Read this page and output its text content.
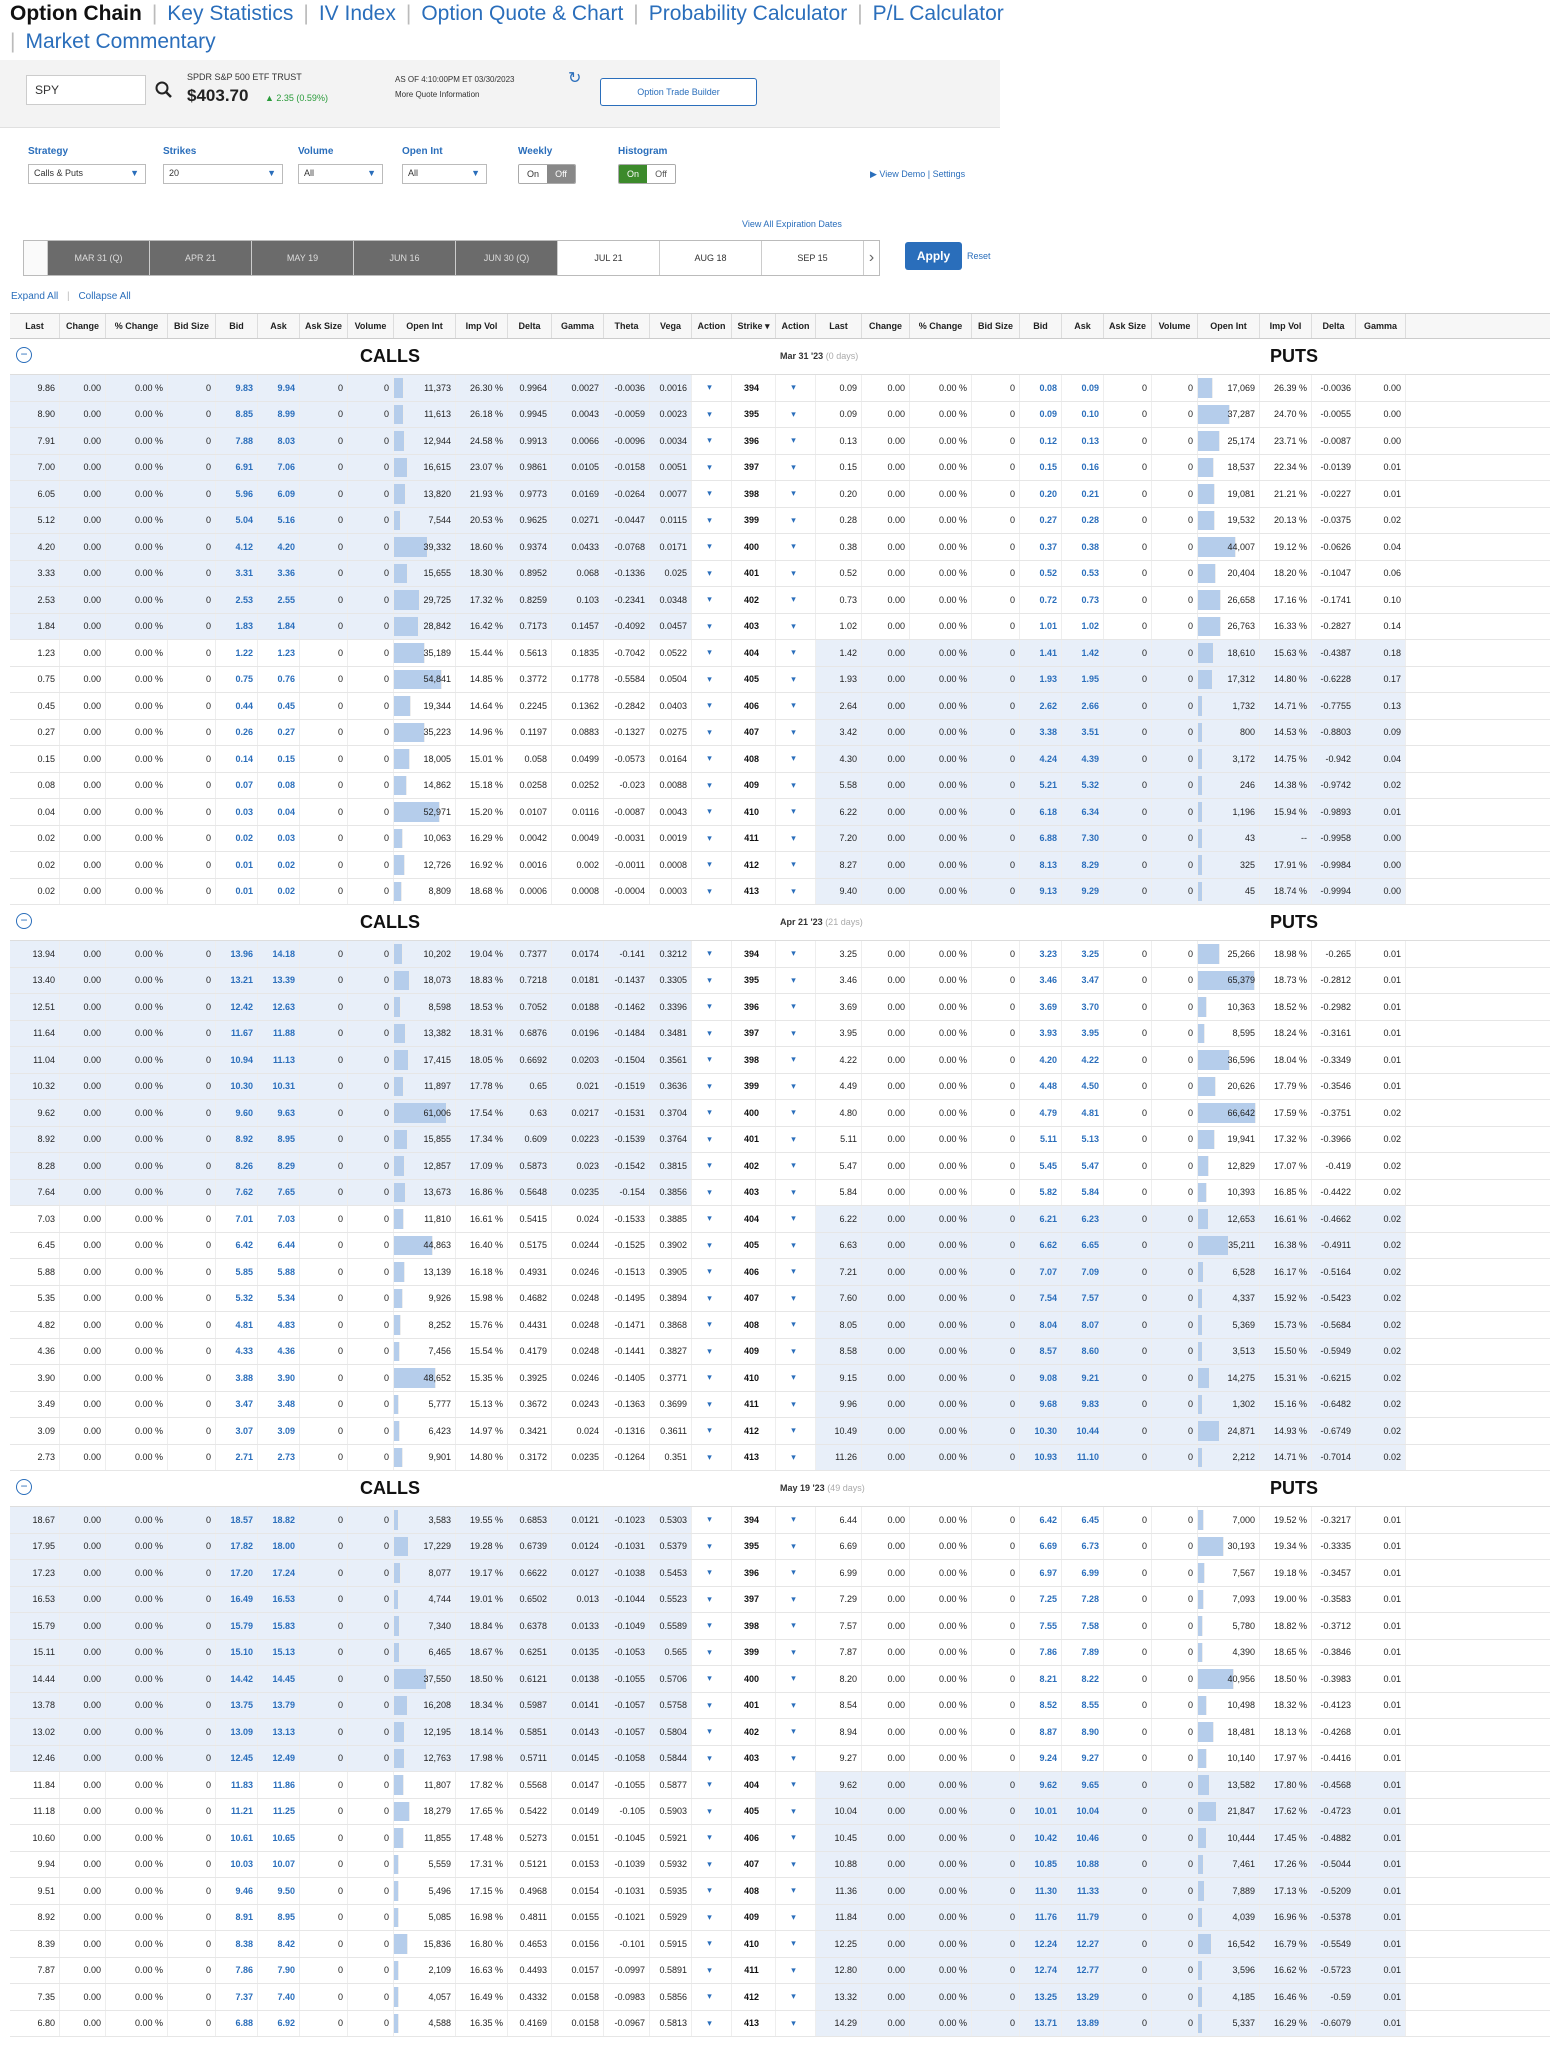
Option Chain | Key Statistics | IV Index | Option Quote & Chart | Probability Calculator | P/L Calculator
| Market Commentary
SPY
SPDR S&P 500 ETF TRUST
$403.70 ▲ 2.35 (0.59%)
AS OF 4:10:00PM ET 03/30/2023	↻
More Quote Information	Option Trade Builder
Strategy
Calls & Puts	▼
Strikes
20	▼
Volume
All	▼
Open Int
All	▼
Weekly
On	Off
Histogram
On	Off	▶︎ View Demo | Settings
View All Expiration Dates
MAR 31 (Q)	APR 21	MAY 19	JUN 16	JUN 30 (Q)	JUL 21	AUG 18	SEP 15	›	Apply	Reset
Expand All | Collapse All
Last	Change	% Change	Bid Size	Bid	Ask	Ask Size	Volume	Open Int	Imp Vol	Delta	Gamma	Theta	Vega	Action	Strike ▾	Action	Last	Change	% Change	Bid Size	Bid	Ask	Ask Size	Volume	Open Int	Imp Vol	Delta	Gamma
−	CALLS	Mar 31 '23 (0 days)	PUTS
9.86	0.00	0.00 %	0	9.83	9.94	0	0	11,373	26.30 %	0.9964	0.0027	-0.0036	0.0016	▾	394	▾	0.09	0.00	0.00 %	0	0.08	0.09	0	0	17,069	26.39 %	-0.0036	0.00
8.90	0.00	0.00 %	0	8.85	8.99	0	0	11,613	26.18 %	0.9945	0.0043	-0.0059	0.0023	▾	395	▾	0.09	0.00	0.00 %	0	0.09	0.10	0	0	37,287	24.70 %	-0.0055	0.00
7.91	0.00	0.00 %	0	7.88	8.03	0	0	12,944	24.58 %	0.9913	0.0066	-0.0096	0.0034	▾	396	▾	0.13	0.00	0.00 %	0	0.12	0.13	0	0	25,174	23.71 %	-0.0087	0.00
7.00	0.00	0.00 %	0	6.91	7.06	0	0	16,615	23.07 %	0.9861	0.0105	-0.0158	0.0051	▾	397	▾	0.15	0.00	0.00 %	0	0.15	0.16	0	0	18,537	22.34 %	-0.0139	0.01
6.05	0.00	0.00 %	0	5.96	6.09	0	0	13,820	21.93 %	0.9773	0.0169	-0.0264	0.0077	▾	398	▾	0.20	0.00	0.00 %	0	0.20	0.21	0	0	19,081	21.21 %	-0.0227	0.01
5.12	0.00	0.00 %	0	5.04	5.16	0	0	7,544	20.53 %	0.9625	0.0271	-0.0447	0.0115	▾	399	▾	0.28	0.00	0.00 %	0	0.27	0.28	0	0	19,532	20.13 %	-0.0375	0.02
4.20	0.00	0.00 %	0	4.12	4.20	0	0	39,332	18.60 %	0.9374	0.0433	-0.0768	0.0171	▾	400	▾	0.38	0.00	0.00 %	0	0.37	0.38	0	0	44,007	19.12 %	-0.0626	0.04
3.33	0.00	0.00 %	0	3.31	3.36	0	0	15,655	18.30 %	0.8952	0.068	-0.1336	0.025	▾	401	▾	0.52	0.00	0.00 %	0	0.52	0.53	0	0	20,404	18.20 %	-0.1047	0.06
2.53	0.00	0.00 %	0	2.53	2.55	0	0	29,725	17.32 %	0.8259	0.103	-0.2341	0.0348	▾	402	▾	0.73	0.00	0.00 %	0	0.72	0.73	0	0	26,658	17.16 %	-0.1741	0.10
1.84	0.00	0.00 %	0	1.83	1.84	0	0	28,842	16.42 %	0.7173	0.1457	-0.4092	0.0457	▾	403	▾	1.02	0.00	0.00 %	0	1.01	1.02	0	0	26,763	16.33 %	-0.2827	0.14
1.23	0.00	0.00 %	0	1.22	1.23	0	0	35,189	15.44 %	0.5613	0.1835	-0.7042	0.0522	▾	404	▾	1.42	0.00	0.00 %	0	1.41	1.42	0	0	18,610	15.63 %	-0.4387	0.18
0.75	0.00	0.00 %	0	0.75	0.76	0	0	54,841	14.85 %	0.3772	0.1778	-0.5584	0.0504	▾	405	▾	1.93	0.00	0.00 %	0	1.93	1.95	0	0	17,312	14.80 %	-0.6228	0.17
0.45	0.00	0.00 %	0	0.44	0.45	0	0	19,344	14.64 %	0.2245	0.1362	-0.2842	0.0403	▾	406	▾	2.64	0.00	0.00 %	0	2.62	2.66	0	0	1,732	14.71 %	-0.7755	0.13
0.27	0.00	0.00 %	0	0.26	0.27	0	0	35,223	14.96 %	0.1197	0.0883	-0.1327	0.0275	▾	407	▾	3.42	0.00	0.00 %	0	3.38	3.51	0	0	800	14.53 %	-0.8803	0.09
0.15	0.00	0.00 %	0	0.14	0.15	0	0	18,005	15.01 %	0.058	0.0499	-0.0573	0.0164	▾	408	▾	4.30	0.00	0.00 %	0	4.24	4.39	0	0	3,172	14.75 %	-0.942	0.04
0.08	0.00	0.00 %	0	0.07	0.08	0	0	14,862	15.18 %	0.0258	0.0252	-0.023	0.0088	▾	409	▾	5.58	0.00	0.00 %	0	5.21	5.32	0	0	246	14.38 %	-0.9742	0.02
0.04	0.00	0.00 %	0	0.03	0.04	0	0	52,971	15.20 %	0.0107	0.0116	-0.0087	0.0043	▾	410	▾	6.22	0.00	0.00 %	0	6.18	6.34	0	0	1,196	15.94 %	-0.9893	0.01
0.02	0.00	0.00 %	0	0.02	0.03	0	0	10,063	16.29 %	0.0042	0.0049	-0.0031	0.0019	▾	411	▾	7.20	0.00	0.00 %	0	6.88	7.30	0	0	43	--	-0.9958	0.00
0.02	0.00	0.00 %	0	0.01	0.02	0	0	12,726	16.92 %	0.0016	0.002	-0.0011	0.0008	▾	412	▾	8.27	0.00	0.00 %	0	8.13	8.29	0	0	325	17.91 %	-0.9984	0.00
0.02	0.00	0.00 %	0	0.01	0.02	0	0	8,809	18.68 %	0.0006	0.0008	-0.0004	0.0003	▾	413	▾	9.40	0.00	0.00 %	0	9.13	9.29	0	0	45	18.74 %	-0.9994	0.00
−	CALLS	Apr 21 '23 (21 days)	PUTS
13.94	0.00	0.00 %	0	13.96	14.18	0	0	10,202	19.04 %	0.7377	0.0174	-0.141	0.3212	▾	394	▾	3.25	0.00	0.00 %	0	3.23	3.25	0	0	25,266	18.98 %	-0.265	0.01
13.40	0.00	0.00 %	0	13.21	13.39	0	0	18,073	18.83 %	0.7218	0.0181	-0.1437	0.3305	▾	395	▾	3.46	0.00	0.00 %	0	3.46	3.47	0	0	65,379	18.73 %	-0.2812	0.01
12.51	0.00	0.00 %	0	12.42	12.63	0	0	8,598	18.53 %	0.7052	0.0188	-0.1462	0.3396	▾	396	▾	3.69	0.00	0.00 %	0	3.69	3.70	0	0	10,363	18.52 %	-0.2982	0.01
11.64	0.00	0.00 %	0	11.67	11.88	0	0	13,382	18.31 %	0.6876	0.0196	-0.1484	0.3481	▾	397	▾	3.95	0.00	0.00 %	0	3.93	3.95	0	0	8,595	18.24 %	-0.3161	0.01
11.04	0.00	0.00 %	0	10.94	11.13	0	0	17,415	18.05 %	0.6692	0.0203	-0.1504	0.3561	▾	398	▾	4.22	0.00	0.00 %	0	4.20	4.22	0	0	36,596	18.04 %	-0.3349	0.01
10.32	0.00	0.00 %	0	10.30	10.31	0	0	11,897	17.78 %	0.65	0.021	-0.1519	0.3636	▾	399	▾	4.49	0.00	0.00 %	0	4.48	4.50	0	0	20,626	17.79 %	-0.3546	0.01
9.62	0.00	0.00 %	0	9.60	9.63	0	0	61,006	17.54 %	0.63	0.0217	-0.1531	0.3704	▾	400	▾	4.80	0.00	0.00 %	0	4.79	4.81	0	0	66,642	17.59 %	-0.3751	0.02
8.92	0.00	0.00 %	0	8.92	8.95	0	0	15,855	17.34 %	0.609	0.0223	-0.1539	0.3764	▾	401	▾	5.11	0.00	0.00 %	0	5.11	5.13	0	0	19,941	17.32 %	-0.3966	0.02
8.28	0.00	0.00 %	0	8.26	8.29	0	0	12,857	17.09 %	0.5873	0.023	-0.1542	0.3815	▾	402	▾	5.47	0.00	0.00 %	0	5.45	5.47	0	0	12,829	17.07 %	-0.419	0.02
7.64	0.00	0.00 %	0	7.62	7.65	0	0	13,673	16.86 %	0.5648	0.0235	-0.154	0.3856	▾	403	▾	5.84	0.00	0.00 %	0	5.82	5.84	0	0	10,393	16.85 %	-0.4422	0.02
7.03	0.00	0.00 %	0	7.01	7.03	0	0	11,810	16.61 %	0.5415	0.024	-0.1533	0.3885	▾	404	▾	6.22	0.00	0.00 %	0	6.21	6.23	0	0	12,653	16.61 %	-0.4662	0.02
6.45	0.00	0.00 %	0	6.42	6.44	0	0	44,863	16.40 %	0.5175	0.0244	-0.1525	0.3902	▾	405	▾	6.63	0.00	0.00 %	0	6.62	6.65	0	0	35,211	16.38 %	-0.4911	0.02
5.88	0.00	0.00 %	0	5.85	5.88	0	0	13,139	16.18 %	0.4931	0.0246	-0.1513	0.3905	▾	406	▾	7.21	0.00	0.00 %	0	7.07	7.09	0	0	6,528	16.17 %	-0.5164	0.02
5.35	0.00	0.00 %	0	5.32	5.34	0	0	9,926	15.98 %	0.4682	0.0248	-0.1495	0.3894	▾	407	▾	7.60	0.00	0.00 %	0	7.54	7.57	0	0	4,337	15.92 %	-0.5423	0.02
4.82	0.00	0.00 %	0	4.81	4.83	0	0	8,252	15.76 %	0.4431	0.0248	-0.1471	0.3868	▾	408	▾	8.05	0.00	0.00 %	0	8.04	8.07	0	0	5,369	15.73 %	-0.5684	0.02
4.36	0.00	0.00 %	0	4.33	4.36	0	0	7,456	15.54 %	0.4179	0.0248	-0.1441	0.3827	▾	409	▾	8.58	0.00	0.00 %	0	8.57	8.60	0	0	3,513	15.50 %	-0.5949	0.02
3.90	0.00	0.00 %	0	3.88	3.90	0	0	48,652	15.35 %	0.3925	0.0246	-0.1405	0.3771	▾	410	▾	9.15	0.00	0.00 %	0	9.08	9.21	0	0	14,275	15.31 %	-0.6215	0.02
3.49	0.00	0.00 %	0	3.47	3.48	0	0	5,777	15.13 %	0.3672	0.0243	-0.1363	0.3699	▾	411	▾	9.96	0.00	0.00 %	0	9.68	9.83	0	0	1,302	15.16 %	-0.6482	0.02
3.09	0.00	0.00 %	0	3.07	3.09	0	0	6,423	14.97 %	0.3421	0.024	-0.1316	0.3611	▾	412	▾	10.49	0.00	0.00 %	0	10.30	10.44	0	0	24,871	14.93 %	-0.6749	0.02
2.73	0.00	0.00 %	0	2.71	2.73	0	0	9,901	14.80 %	0.3172	0.0235	-0.1264	0.351	▾	413	▾	11.26	0.00	0.00 %	0	10.93	11.10	0	0	2,212	14.71 %	-0.7014	0.02
−	CALLS	May 19 '23 (49 days)	PUTS
18.67	0.00	0.00 %	0	18.57	18.82	0	0	3,583	19.55 %	0.6853	0.0121	-0.1023	0.5303	▾	394	▾	6.44	0.00	0.00 %	0	6.42	6.45	0	0	7,000	19.52 %	-0.3217	0.01
17.95	0.00	0.00 %	0	17.82	18.00	0	0	17,229	19.28 %	0.6739	0.0124	-0.1031	0.5379	▾	395	▾	6.69	0.00	0.00 %	0	6.69	6.73	0	0	30,193	19.34 %	-0.3335	0.01
17.23	0.00	0.00 %	0	17.20	17.24	0	0	8,077	19.17 %	0.6622	0.0127	-0.1038	0.5453	▾	396	▾	6.99	0.00	0.00 %	0	6.97	6.99	0	0	7,567	19.18 %	-0.3457	0.01
16.53	0.00	0.00 %	0	16.49	16.53	0	0	4,744	19.01 %	0.6502	0.013	-0.1044	0.5523	▾	397	▾	7.29	0.00	0.00 %	0	7.25	7.28	0	0	7,093	19.00 %	-0.3583	0.01
15.79	0.00	0.00 %	0	15.79	15.83	0	0	7,340	18.84 %	0.6378	0.0133	-0.1049	0.5589	▾	398	▾	7.57	0.00	0.00 %	0	7.55	7.58	0	0	5,780	18.82 %	-0.3712	0.01
15.11	0.00	0.00 %	0	15.10	15.13	0	0	6,465	18.67 %	0.6251	0.0135	-0.1053	0.565	▾	399	▾	7.87	0.00	0.00 %	0	7.86	7.89	0	0	4,390	18.65 %	-0.3846	0.01
14.44	0.00	0.00 %	0	14.42	14.45	0	0	37,550	18.50 %	0.6121	0.0138	-0.1055	0.5706	▾	400	▾	8.20	0.00	0.00 %	0	8.21	8.22	0	0	40,956	18.50 %	-0.3983	0.01
13.78	0.00	0.00 %	0	13.75	13.79	0	0	16,208	18.34 %	0.5987	0.0141	-0.1057	0.5758	▾	401	▾	8.54	0.00	0.00 %	0	8.52	8.55	0	0	10,498	18.32 %	-0.4123	0.01
13.02	0.00	0.00 %	0	13.09	13.13	0	0	12,195	18.14 %	0.5851	0.0143	-0.1057	0.5804	▾	402	▾	8.94	0.00	0.00 %	0	8.87	8.90	0	0	18,481	18.13 %	-0.4268	0.01
12.46	0.00	0.00 %	0	12.45	12.49	0	0	12,763	17.98 %	0.5711	0.0145	-0.1058	0.5844	▾	403	▾	9.27	0.00	0.00 %	0	9.24	9.27	0	0	10,140	17.97 %	-0.4416	0.01
11.84	0.00	0.00 %	0	11.83	11.86	0	0	11,807	17.82 %	0.5568	0.0147	-0.1055	0.5877	▾	404	▾	9.62	0.00	0.00 %	0	9.62	9.65	0	0	13,582	17.80 %	-0.4568	0.01
11.18	0.00	0.00 %	0	11.21	11.25	0	0	18,279	17.65 %	0.5422	0.0149	-0.105	0.5903	▾	405	▾	10.04	0.00	0.00 %	0	10.01	10.04	0	0	21,847	17.62 %	-0.4723	0.01
10.60	0.00	0.00 %	0	10.61	10.65	0	0	11,855	17.48 %	0.5273	0.0151	-0.1045	0.5921	▾	406	▾	10.45	0.00	0.00 %	0	10.42	10.46	0	0	10,444	17.45 %	-0.4882	0.01
9.94	0.00	0.00 %	0	10.03	10.07	0	0	5,559	17.31 %	0.5121	0.0153	-0.1039	0.5932	▾	407	▾	10.88	0.00	0.00 %	0	10.85	10.88	0	0	7,461	17.26 %	-0.5044	0.01
9.51	0.00	0.00 %	0	9.46	9.50	0	0	5,496	17.15 %	0.4968	0.0154	-0.1031	0.5935	▾	408	▾	11.36	0.00	0.00 %	0	11.30	11.33	0	0	7,889	17.13 %	-0.5209	0.01
8.92	0.00	0.00 %	0	8.91	8.95	0	0	5,085	16.98 %	0.4811	0.0155	-0.1021	0.5929	▾	409	▾	11.84	0.00	0.00 %	0	11.76	11.79	0	0	4,039	16.96 %	-0.5378	0.01
8.39	0.00	0.00 %	0	8.38	8.42	0	0	15,836	16.80 %	0.4653	0.0156	-0.101	0.5915	▾	410	▾	12.25	0.00	0.00 %	0	12.24	12.27	0	0	16,542	16.79 %	-0.5549	0.01
7.87	0.00	0.00 %	0	7.86	7.90	0	0	2,109	16.63 %	0.4493	0.0157	-0.0997	0.5891	▾	411	▾	12.80	0.00	0.00 %	0	12.74	12.77	0	0	3,596	16.62 %	-0.5723	0.01
7.35	0.00	0.00 %	0	7.37	7.40	0	0	4,057	16.49 %	0.4332	0.0158	-0.0983	0.5856	▾	412	▾	13.32	0.00	0.00 %	0	13.25	13.29	0	0	4,185	16.46 %	-0.59	0.01
6.80	0.00	0.00 %	0	6.88	6.92	0	0	4,588	16.35 %	0.4169	0.0158	-0.0967	0.5813	▾	413	▾	14.29	0.00	0.00 %	0	13.71	13.89	0	0	5,337	16.29 %	-0.6079	0.01
